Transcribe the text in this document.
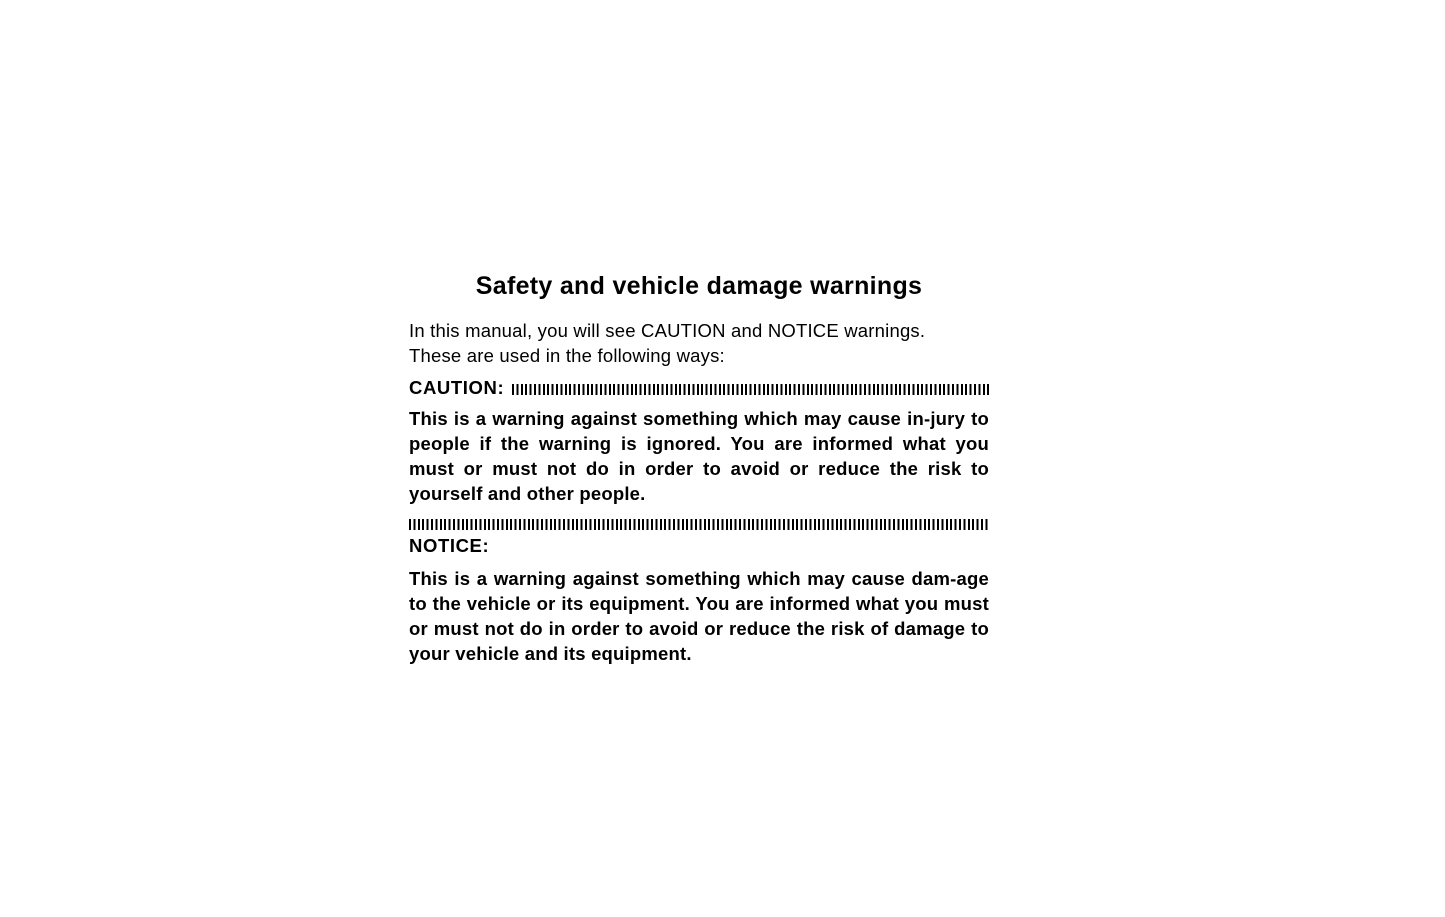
Safety and vehicle damage warnings

In this manual, you will see CAUTION and NOTICE warnings.
These are used in the following ways:

CAUTION:

This is a warning against something which may cause in-jury to people if the warning is ignored. You are informed what you must or must not do in order to avoid or reduce the risk to yourself and other people.

NOTICE:

This is a warning against something which may cause dam-age to the vehicle or its equipment. You are informed what you must or must not do in order to avoid or reduce the risk of damage to your vehicle and its equipment.
